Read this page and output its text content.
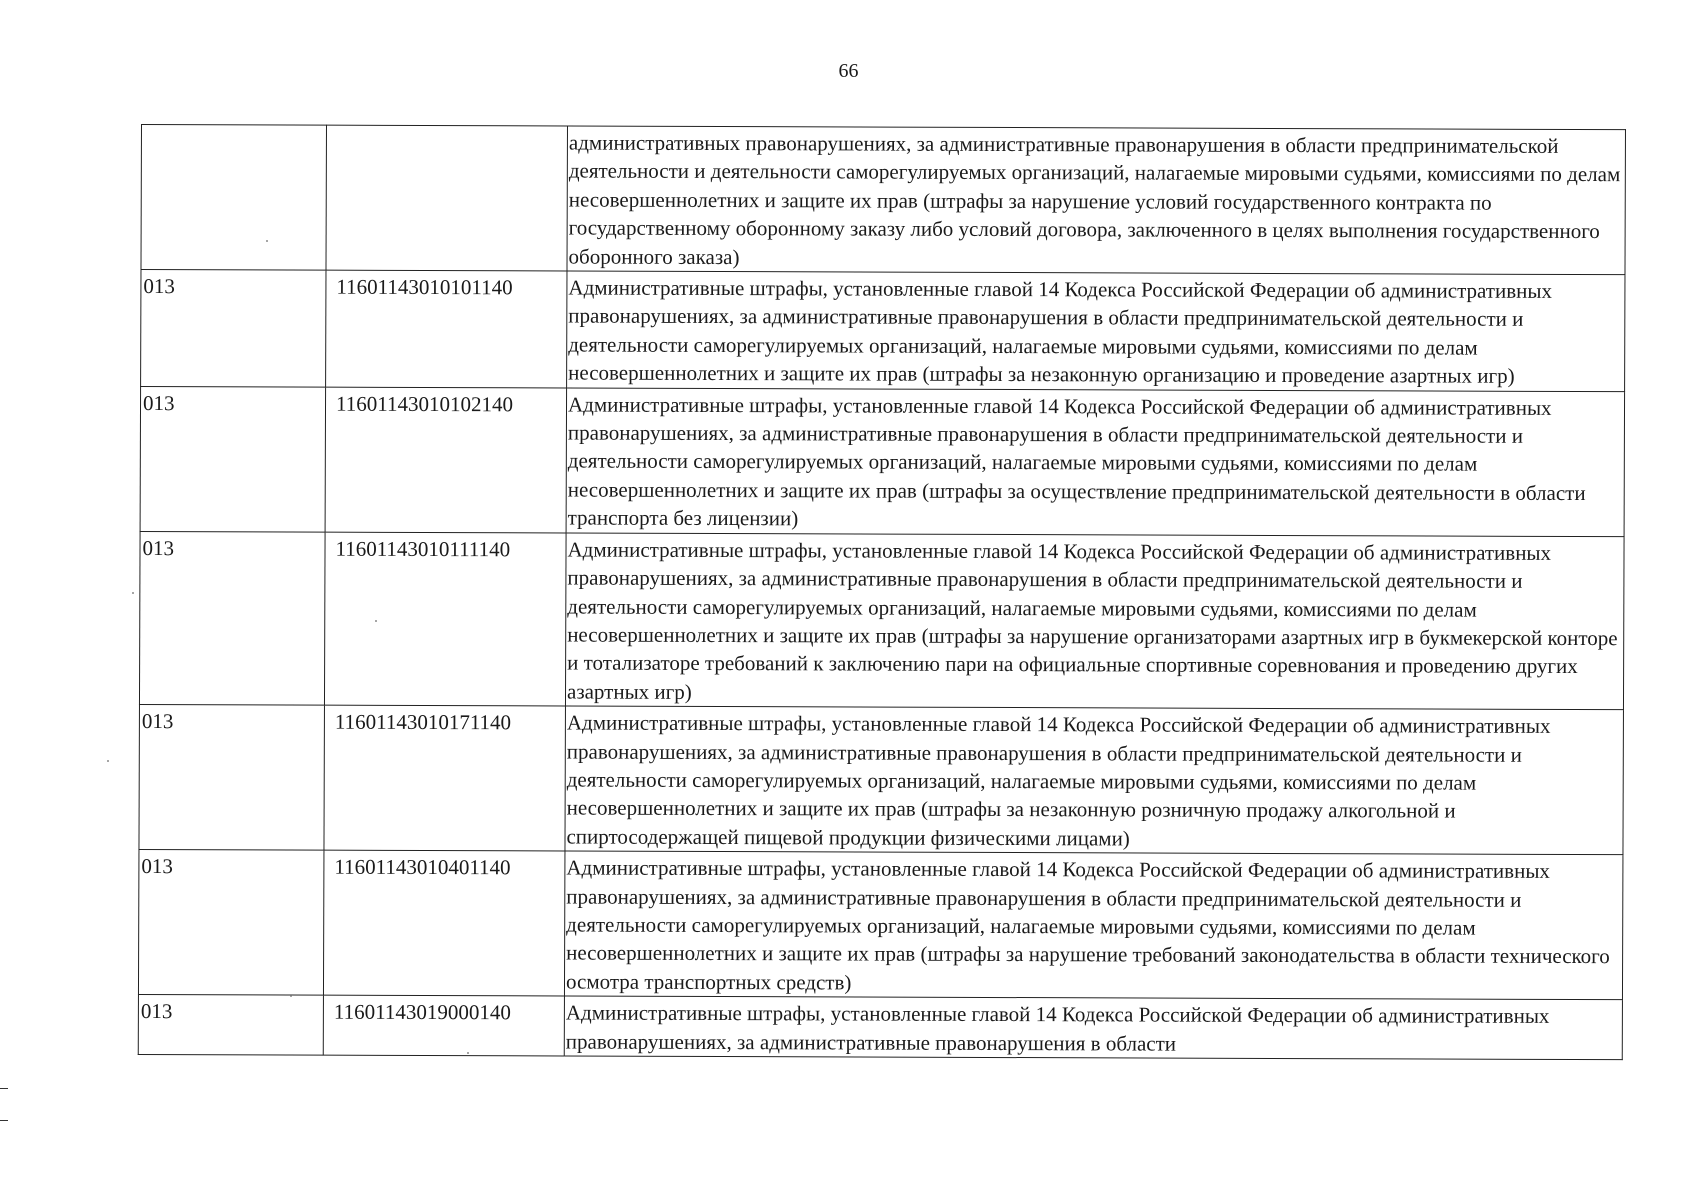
66
		административных правонарушениях, за административные правонарушения в области предпринимательской деятельности и деятельности саморегулируемых организаций, налагаемые мировыми судьями, комиссиями по делам несовершеннолетних и защите их прав (штрафы за нарушение условий государственного контракта по государственному оборонному заказу либо условий договора, заключенного в целях выполнения государственного оборонного заказа)
013	11601143010101140	Административные штрафы, установленные главой 14 Кодекса Российской Федерации об административных правонарушениях, за административные правонарушения в области предпринимательской деятельности и деятельности саморегулируемых организаций, налагаемые мировыми судьями, комиссиями по делам несовершеннолетних и защите их прав (штрафы за незаконную организацию и проведение азартных игр)
013	11601143010102140	Административные штрафы, установленные главой 14 Кодекса Российской Федерации об административных правонарушениях, за административные правонарушения в области предпринимательской деятельности и деятельности саморегулируемых организаций, налагаемые мировыми судьями, комиссиями по делам несовершеннолетних и защите их прав (штрафы за осуществление предпринимательской деятельности в области транспорта без лицензии)
013	11601143010111140	Административные штрафы, установленные главой 14 Кодекса Российской Федерации об административных правонарушениях, за административные правонарушения в области предпринимательской деятельности и деятельности саморегулируемых организаций, налагаемые мировыми судьями, комиссиями по делам несовершеннолетних и защите их прав (штрафы за нарушение организаторами азартных игр в букмекерской конторе и тотализаторе требований к заключению пари на официальные спортивные соревнования и проведению других азартных игр)
013	11601143010171140	Административные штрафы, установленные главой 14 Кодекса Российской Федерации об административных правонарушениях, за административные правонарушения в области предпринимательской деятельности и деятельности саморегулируемых организаций, налагаемые мировыми судьями, комиссиями по делам несовершеннолетних и защите их прав (штрафы за незаконную розничную продажу алкогольной и спиртосодержащей пищевой продукции физическими лицами)
013	11601143010401140	Административные штрафы, установленные главой 14 Кодекса Российской Федерации об административных правонарушениях, за административные правонарушения в области предпринимательской деятельности и деятельности саморегулируемых организаций, налагаемые мировыми судьями, комиссиями по делам несовершеннолетних и защите их прав (штрафы за нарушение требований законодательства в области технического осмотра транспортных средств)
013	11601143019000140	Административные штрафы, установленные главой 14 Кодекса Российской Федерации об административных правонарушениях, за административные правонарушения в области
